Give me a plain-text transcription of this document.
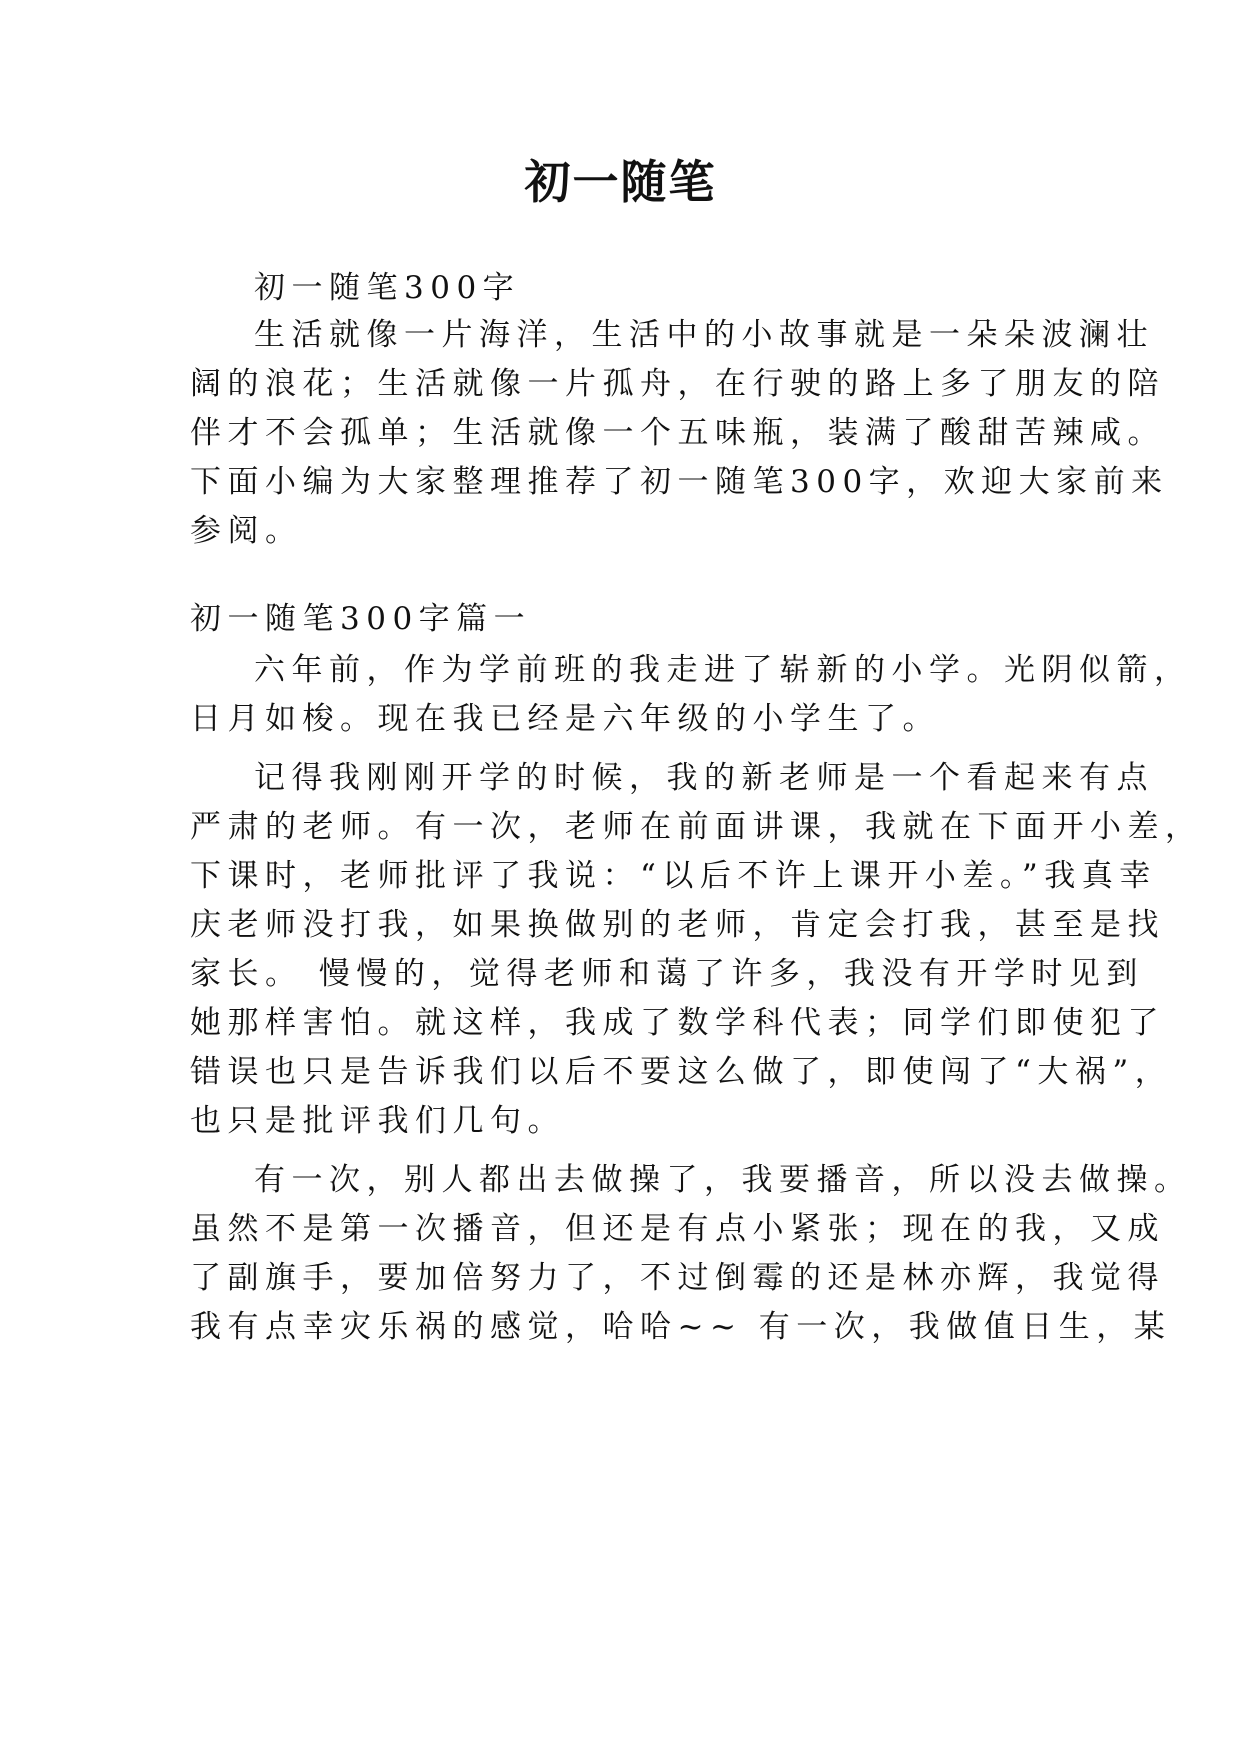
初一随笔
初一随笔300字
生活就像一片海洋，生活中的小故事就是一朵朵波澜壮
阔的浪花；生活就像一片孤舟，在行驶的路上多了朋友的陪
伴才不会孤单；生活就像一个五味瓶，装满了酸甜苦辣咸。
下面小编为大家整理推荐了初一随笔300字，欢迎大家前来
参阅。
初一随笔300字篇一
六年前，作为学前班的我走进了崭新的小学。光阴似箭，
日月如梭。现在我已经是六年级的小学生了。
记得我刚刚开学的时候，我的新老师是一个看起来有点
严肃的老师。有一次，老师在前面讲课，我就在下面开小差，
下课时，老师批评了我说：“以后不许上课开小差。”我真幸
庆老师没打我，如果换做别的老师，肯定会打我，甚至是找
家长。 慢慢的，觉得老师和蔼了许多，我没有开学时见到
她那样害怕。就这样，我成了数学科代表；同学们即使犯了
错误也只是告诉我们以后不要这么做了，即使闯了“大祸”，
也只是批评我们几句。
有一次，别人都出去做操了，我要播音，所以没去做操。
虽然不是第一次播音，但还是有点小紧张；现在的我，又成
了副旗手，要加倍努力了，不过倒霉的还是林亦辉，我觉得
我有点幸灾乐祸的感觉，哈哈~~ 有一次，我做值日生，某
